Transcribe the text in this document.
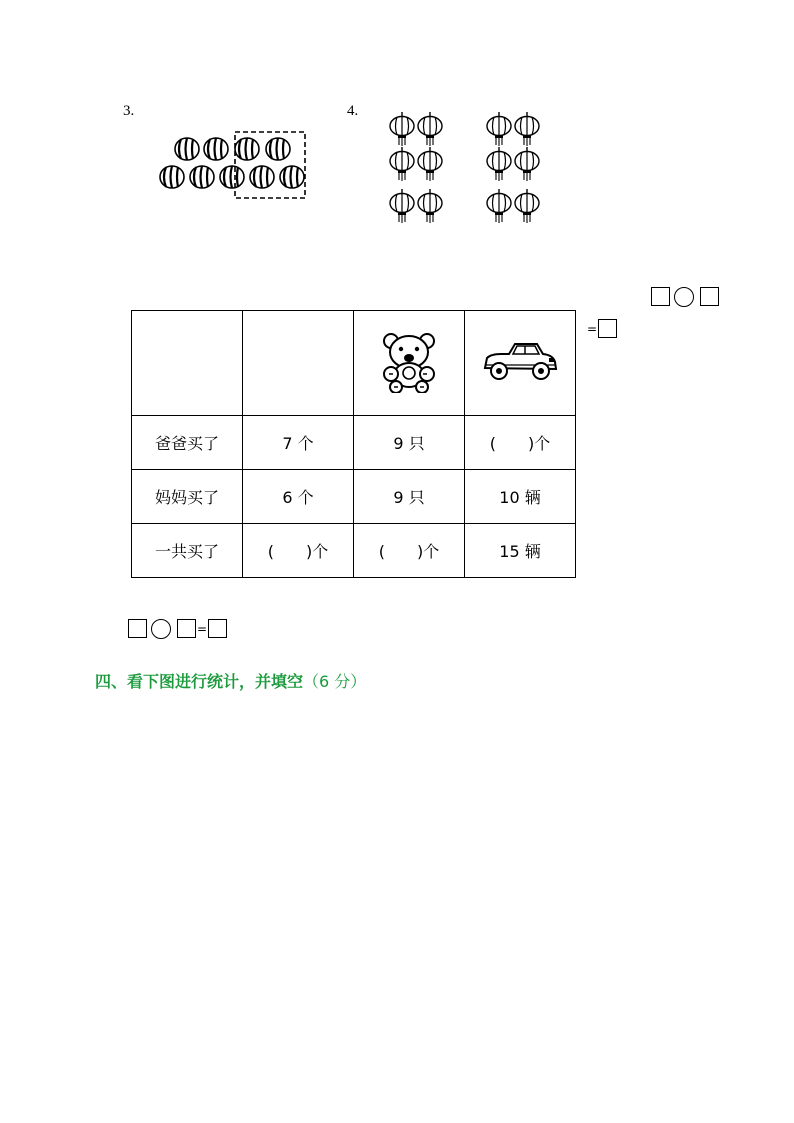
3.	4.
=

爸爸买了	7 个	9 只	(　　)个
妈妈买了	6 个	9 只	10 辆
一共买了	(　　)个	(　　)个	15 辆
=
四、看下图进行统计，并填空（6 分）
